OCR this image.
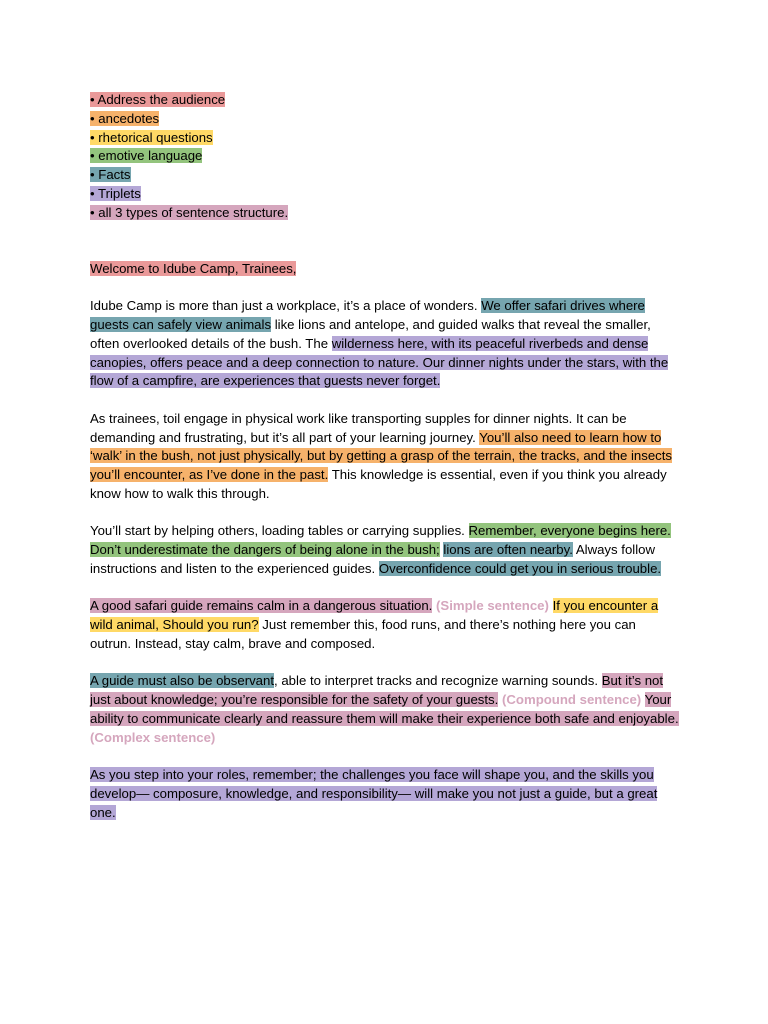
• Address the audience
• ancedotes
• rhetorical questions
• emotive language
• Facts
• Triplets
• all 3 types of sentence structure.

Welcome to Idube Camp, Trainees,

Idube Camp is more than just a workplace, it’s a place of wonders. We offer safari drives where guests can safely view animals like lions and antelope, and guided walks that reveal the smaller, often overlooked details of the bush. The wilderness here, with its peaceful riverbeds and dense canopies, offers peace and a deep connection to nature. Our dinner nights under the stars, with the flow of a campfire, are experiences that guests never forget.

As trainees, toil engage in physical work like transporting supples for dinner nights. It can be demanding and frustrating, but it’s all part of your learning journey. You’ll also need to learn how to ‘walk’ in the bush, not just physically, but by getting a grasp of the terrain, the tracks, and the insects you’ll encounter, as I’ve done in the past. This knowledge is essential, even if you think you already know how to walk this through.

You’ll start by helping others, loading tables or carrying supplies. Remember, everyone begins here. Don’t underestimate the dangers of being alone in the bush; lions are often nearby. Always follow instructions and listen to the experienced guides. Overconfidence could get you in serious trouble.

A good safari guide remains calm in a dangerous situation. (Simple sentence) If you encounter a wild animal, Should you run? Just remember this, food runs, and there’s nothing here you can outrun. Instead, stay calm, brave and composed.

A guide must also be observant, able to interpret tracks and recognize warning sounds. But it’s not just about knowledge; you’re responsible for the safety of your guests. (Compound sentence) Your ability to communicate clearly and reassure them will make their experience both safe and enjoyable. (Complex sentence)

As you step into your roles, remember; the challenges you face will shape you, and the skills you develop— composure, knowledge, and responsibility— will make you not just a guide, but a great one.
